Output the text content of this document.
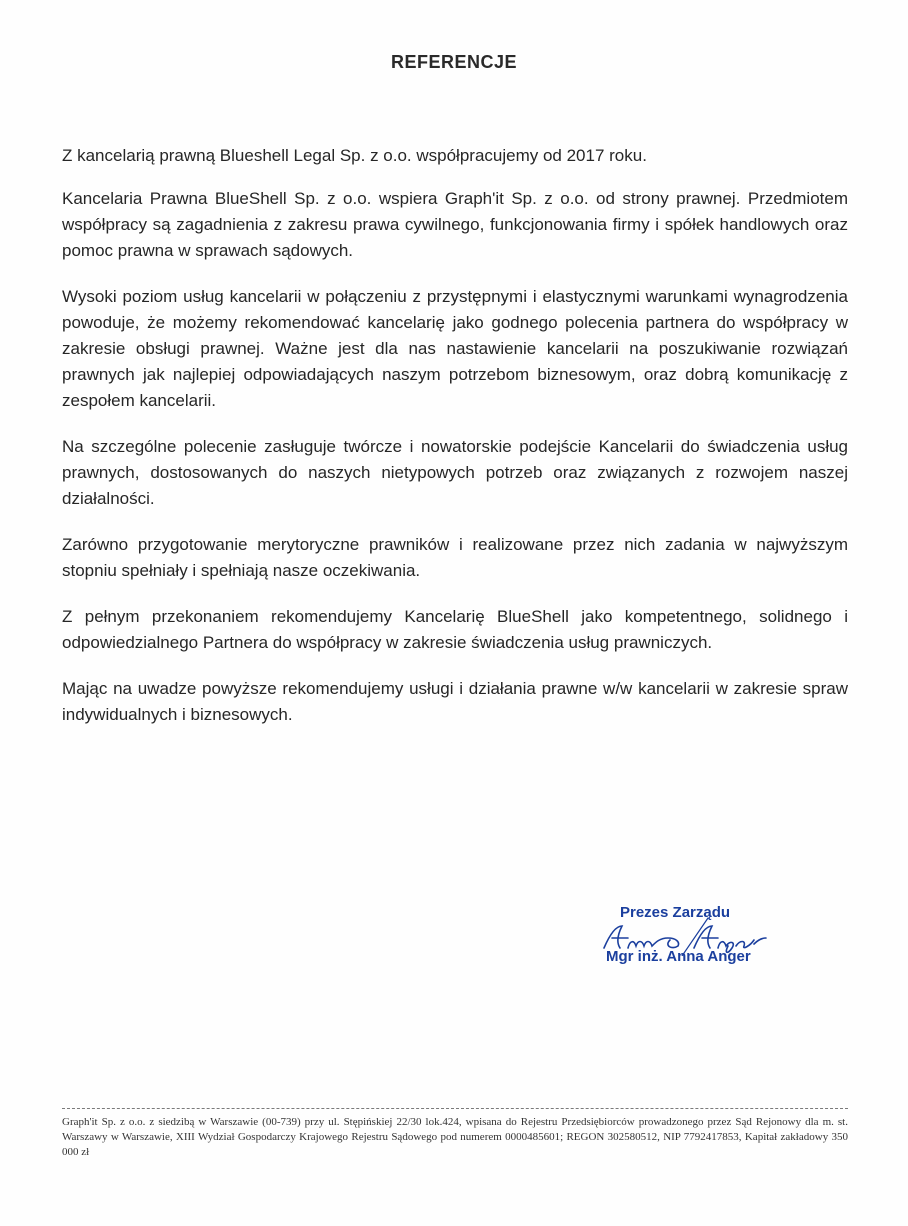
REFERENCJE

Z kancelarią prawną Blueshell Legal Sp. z o.o. współpracujemy od 2017 roku.

Kancelaria Prawna BlueShell Sp. z o.o. wspiera Graph'it Sp. z o.o. od strony prawnej. Przedmiotem współpracy są zagadnienia z zakresu prawa cywilnego, funkcjonowania firmy i spółek handlowych oraz pomoc prawna w sprawach sądowych.

Wysoki poziom usług kancelarii w połączeniu z przystępnymi i elastycznymi warunkami wynagrodzenia powoduje, że możemy rekomendować kancelarię jako godnego polecenia partnera do współpracy w zakresie obsługi prawnej. Ważne jest dla nas nastawienie kancelarii na poszukiwanie rozwiązań prawnych jak najlepiej odpowiadających naszym potrzebom biznesowym, oraz dobrą komunikację z zespołem kancelarii.

Na szczególne polecenie zasługuje twórcze i nowatorskie podejście Kancelarii do świadczenia usług prawnych, dostosowanych do naszych nietypowych potrzeb oraz związanych z rozwojem naszej działalności.

Zarówno przygotowanie merytoryczne prawników i realizowane przez nich zadania w najwyższym stopniu spełniały i spełniają nasze oczekiwania.

Z pełnym przekonaniem rekomendujemy Kancelarię BlueShell jako kompetentnego, solidnego i odpowiedzialnego Partnera do współpracy w zakresie świadczenia usług prawniczych.

Mając na uwadze powyższe rekomendujemy usługi i działania prawne w/w kancelarii w zakresie spraw indywidualnych i biznesowych.

Prezes Zarządu
Mgr inż. Anna Anger
Graph'it Sp. z o.o. z siedzibą w Warszawie (00-739) przy ul. Stępińskiej 22/30 lok.424, wpisana do Rejestru Przedsiębiorców prowadzonego przez Sąd Rejonowy dla m. st. Warszawy w Warszawie, XIII Wydział Gospodarczy Krajowego Rejestru Sądowego pod numerem 0000485601; REGON 302580512, NIP 7792417853, Kapitał zakładowy 350 000 zł
